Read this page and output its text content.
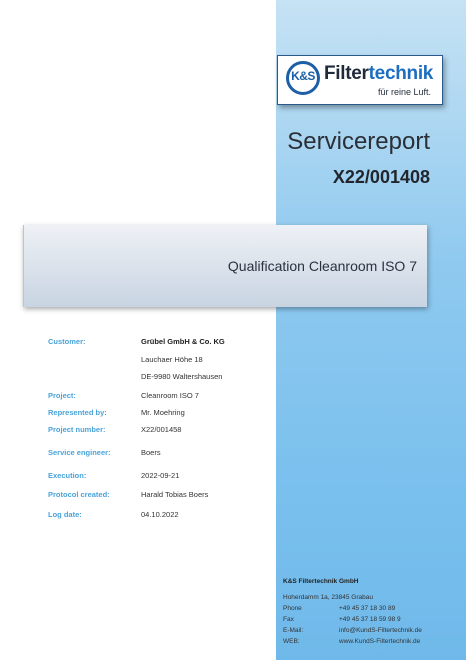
K&S Filtertechnik
für reine Luft.
Servicereport
X22/001408
Qualification Cleanroom ISO 7
Customer:	Grübel GmbH & Co. KG
Lauchaer Höhe 18
DE-9980 Waltershausen
Project:	Cleanroom ISO 7
Represented by:	Mr. Moehring
Project number:	X22/001458
Service engineer:	Boers
Execution:	2022-09-21
Protocol created:	Harald Tobias Boers
Log date:	04.10.2022
K&S Filtertechnik GmbH
Hoherdamm 1a, 23845 Grabau
Phone	+49 45 37 18 30 89
Fax	+49 45 37 18 59 98 9
E-Mail:	info@KundS-Filtertechnik.de
WEB:	www.KundS-Filtertechnik.de
